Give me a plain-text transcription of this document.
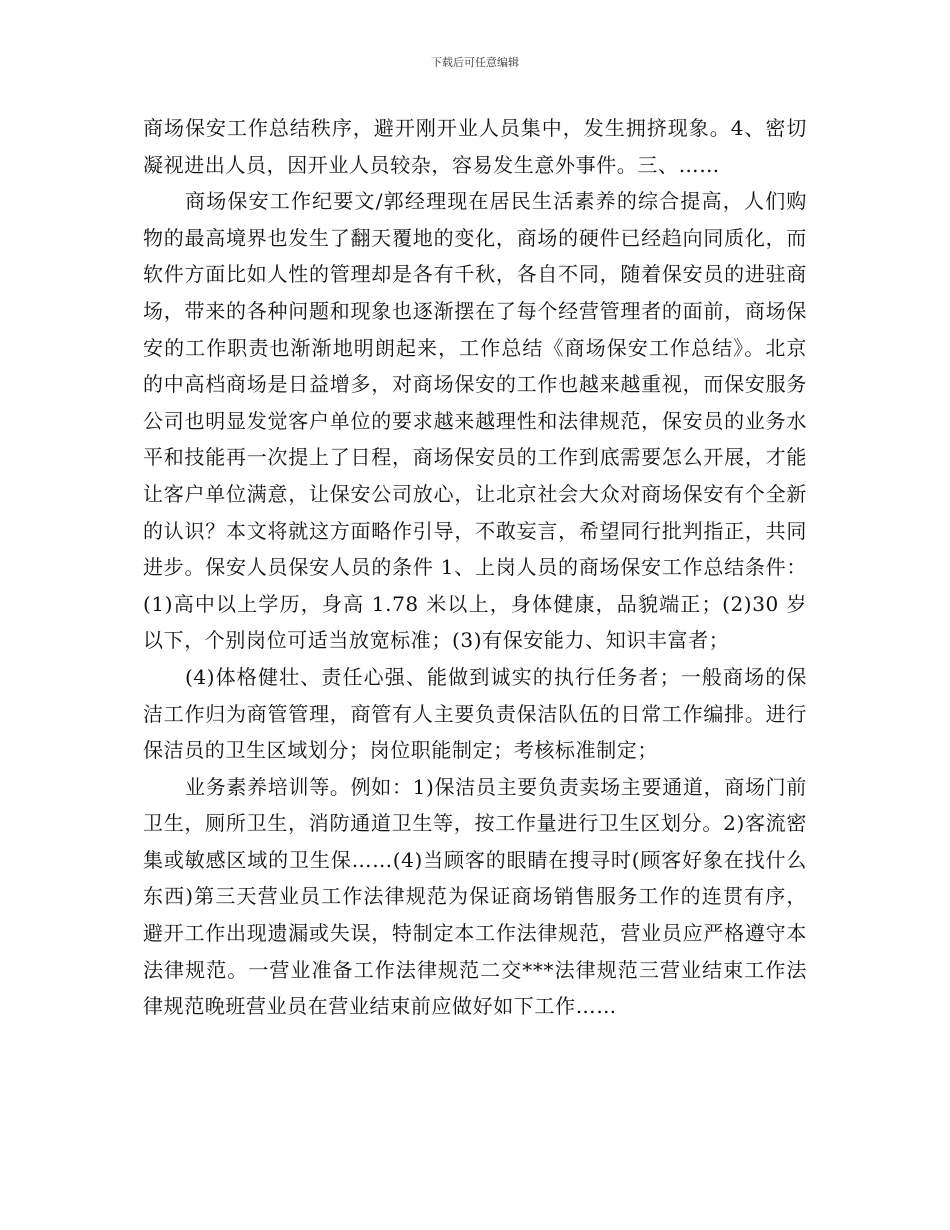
下载后可任意编辑

商场保安工作总结秩序，避开刚开业人员集中，发生拥挤现象。4、密切凝视进出人员，因开业人员较杂，容易发生意外事件。三、……

商场保安工作纪要文/郭经理现在居民生活素养的综合提高，人们购物的最高境界也发生了翻天覆地的变化，商场的硬件已经趋向同质化，而软件方面比如人性的管理却是各有千秋，各自不同，随着保安员的进驻商场，带来的各种问题和现象也逐渐摆在了每个经营管理者的面前，商场保安的工作职责也渐渐地明朗起来，工作总结《商场保安工作总结》。北京的中高档商场是日益增多，对商场保安的工作也越来越重视，而保安服务公司也明显发觉客户单位的要求越来越理性和法律规范，保安员的业务水平和技能再一次提上了日程，商场保安员的工作到底需要怎么开展，才能让客户单位满意，让保安公司放心，让北京社会大众对商场保安有个全新的认识？本文将就这方面略作引导，不敢妄言，希望同行批判指正，共同进步。保安人员保安人员的条件 1、上岗人员的商场保安工作总结条件：(1)高中以上学历，身高 1.78 米以上，身体健康，品貌端正；(2)30 岁以下，个别岗位可适当放宽标准；(3)有保安能力、知识丰富者；

(4)体格健壮、责任心强、能做到诚实的执行任务者；一般商场的保洁工作归为商管管理，商管有人主要负责保洁队伍的日常工作编排。进行保洁员的卫生区域划分；岗位职能制定；考核标准制定；

业务素养培训等。例如：1)保洁员主要负责卖场主要通道，商场门前卫生，厕所卫生，消防通道卫生等，按工作量进行卫生区划分。2)客流密集或敏感区域的卫生保……(4)当顾客的眼睛在搜寻时(顾客好象在找什么东西)第三天营业员工作法律规范为保证商场销售服务工作的连贯有序，避开工作出现遗漏或失误，特制定本工作法律规范，营业员应严格遵守本法律规范。一营业准备工作法律规范二交***法律规范三营业结束工作法律规范晚班营业员在营业结束前应做好如下工作……
